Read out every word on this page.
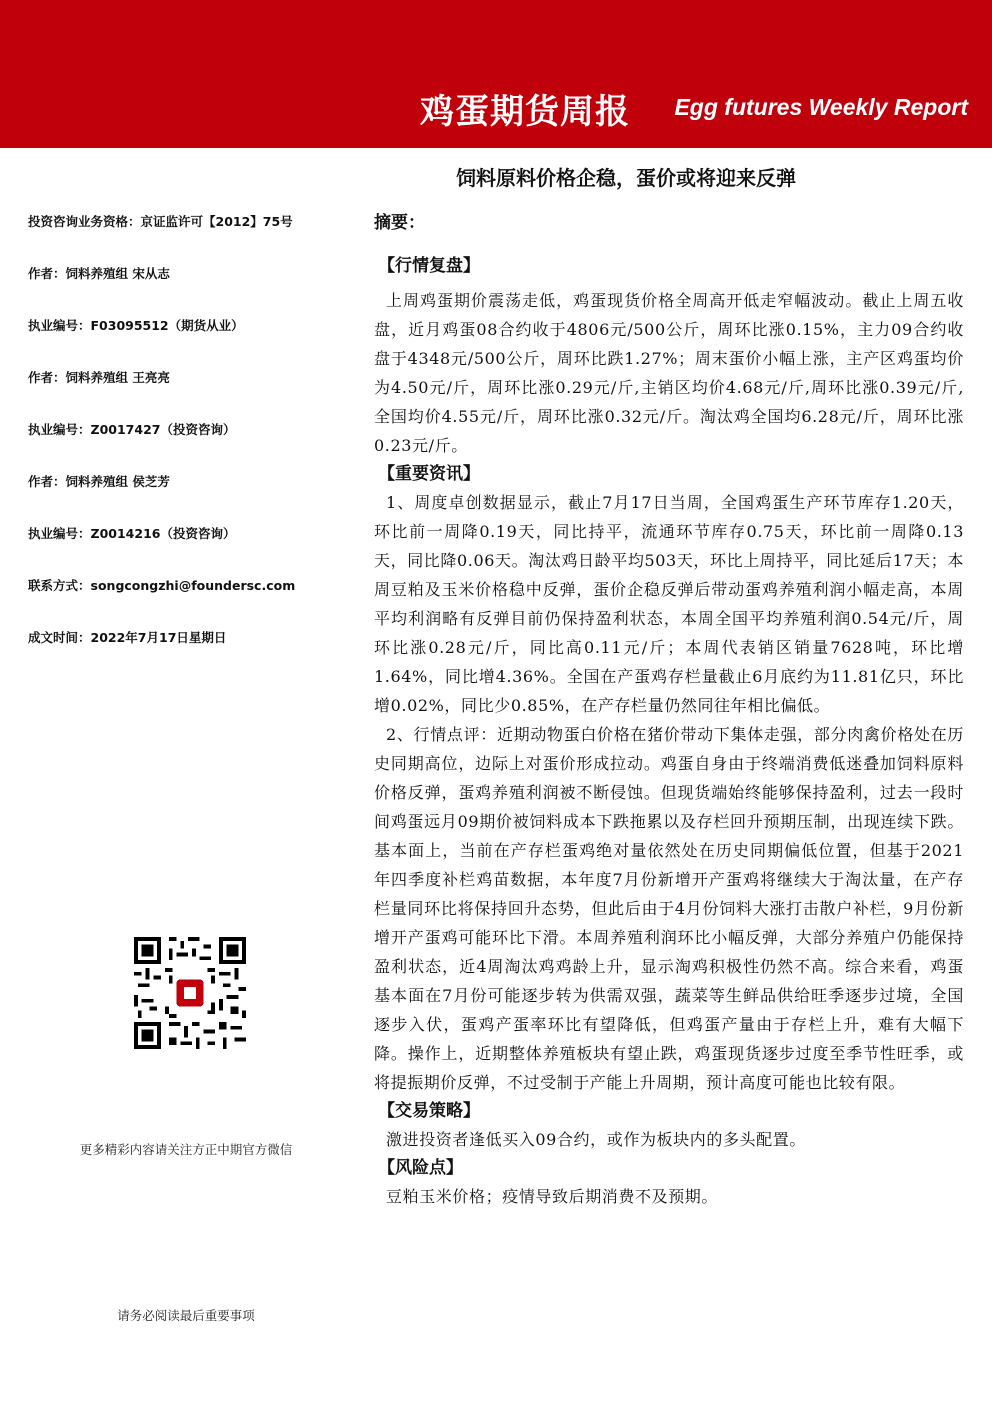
鸡蛋期货周报 Egg futures Weekly Report
饲料原料价格企稳，蛋价或将迎来反弹
投资咨询业务资格：京证监许可【2012】75号
作者：饲料养殖组 宋从志
执业编号：F03095512（期货从业）
作者：饲料养殖组 王亮亮
执业编号：Z0017427（投资咨询）
作者：饲料养殖组 侯芝芳
执业编号：Z0014216（投资咨询）
联系方式：songcongzhi@foundersc.com
成文时间：2022年7月17日星期日
更多精彩内容请关注方正中期官方微信
请务必阅读最后重要事项
摘要：
【行情复盘】

上周鸡蛋期价震荡走低，鸡蛋现货价格全周高开低走窄幅波动。截止上周五收盘，近月鸡蛋08合约收于4806元/500公斤，周环比涨0.15%，主力09合约收盘于4348元/500公斤，周环比跌1.27%；周末蛋价小幅上涨，主产区鸡蛋均价为4.50元/斤，周环比涨0.29元/斤,主销区均价4.68元/斤,周环比涨0.39元/斤,全国均价4.55元/斤，周环比涨0.32元/斤。淘汰鸡全国均6.28元/斤，周环比涨0.23元/斤。

【重要资讯】

1、周度卓创数据显示，截止7月17日当周，全国鸡蛋生产环节库存1.20天，环比前一周降0.19天，同比持平，流通环节库存0.75天，环比前一周降0.13天，同比降0.06天。淘汰鸡日龄平均503天，环比上周持平，同比延后17天；本周豆粕及玉米价格稳中反弹，蛋价企稳反弹后带动蛋鸡养殖利润小幅走高，本周平均利润略有反弹目前仍保持盈利状态，本周全国平均养殖利润0.54元/斤，周环比涨0.28元/斤，同比高0.11元/斤；本周代表销区销量7628吨，环比增1.64%，同比增4.36%。全国在产蛋鸡存栏量截止6月底约为11.81亿只，环比增0.02%，同比少0.85%，在产存栏量仍然同往年相比偏低。

2、行情点评：近期动物蛋白价格在猪价带动下集体走强，部分肉禽价格处在历史同期高位，边际上对蛋价形成拉动。鸡蛋自身由于终端消费低迷叠加饲料原料价格反弹，蛋鸡养殖利润被不断侵蚀。但现货端始终能够保持盈利，过去一段时间鸡蛋远月09期价被饲料成本下跌拖累以及存栏回升预期压制，出现连续下跌。基本面上，当前在产存栏蛋鸡绝对量依然处在历史同期偏低位置，但基于2021年四季度补栏鸡苗数据，本年度7月份新增开产蛋鸡将继续大于淘汰量，在产存栏量同环比将保持回升态势，但此后由于4月份饲料大涨打击散户补栏，9月份新增开产蛋鸡可能环比下滑。本周养殖利润环比小幅反弹，大部分养殖户仍能保持盈利状态，近4周淘汰鸡鸡龄上升，显示淘鸡积极性仍然不高。综合来看，鸡蛋基本面在7月份可能逐步转为供需双强，蔬菜等生鲜品供给旺季逐步过境，全国逐步入伏，蛋鸡产蛋率环比有望降低，但鸡蛋产量由于存栏上升，难有大幅下降。操作上，近期整体养殖板块有望止跌，鸡蛋现货逐步过度至季节性旺季，或将提振期价反弹，不过受制于产能上升周期，预计高度可能也比较有限。

【交易策略】

激进投资者逢低买入09合约，或作为板块内的多头配置。

【风险点】

豆粕玉米价格；疫情导致后期消费不及预期。
